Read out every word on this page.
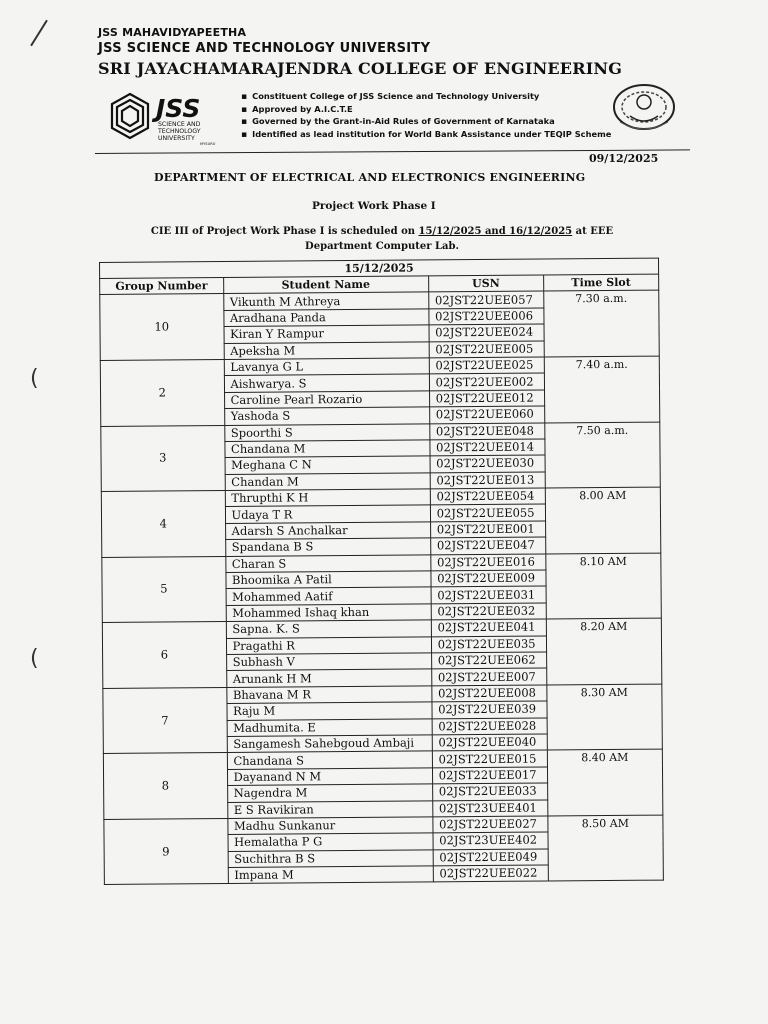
(
(
JSS MAHAVIDYAPEETHA
JSS SCIENCE AND TECHNOLOGY UNIVERSITY
SRI JAYACHAMARAJENDRA COLLEGE OF ENGINEERING
JSS
SCIENCE AND
TECHNOLOGY
UNIVERSITY
MYSURU
▪ Constituent College of JSS Science and Technology University
▪ Approved by A.I.C.T.E
▪ Governed by the Grant-in-Aid Rules of Government of Karnataka
▪ Identified as lead institution for World Bank Assistance under TEQIP Scheme
09/12/2025
DEPARTMENT OF ELECTRICAL AND ELECTRONICS ENGINEERING
Project Work Phase I
CIE III of Project Work Phase I is scheduled on 15/12/2025 and 16/12/2025 at EEE Department Computer Lab.
15/12/2025			
Group Number	Student Name	USN	Time Slot
10	Vikunth M Athreya	02JST22UEE057	7.30 a.m.
	Aradhana Panda	02JST22UEE006	
	Kiran Y Rampur	02JST22UEE024	
	Apeksha M	02JST22UEE005	
2	Lavanya G L	02JST22UEE025	7.40 a.m.
	Aishwarya. S	02JST22UEE002	
	Caroline Pearl Rozario	02JST22UEE012	
	Yashoda S	02JST22UEE060	
3	Spoorthi S	02JST22UEE048	7.50 a.m.
	Chandana M	02JST22UEE014	
	Meghana C N	02JST22UEE030	
	Chandan M	02JST22UEE013	
4	Thrupthi K H	02JST22UEE054	8.00 AM
	Udaya T R	02JST22UEE055	
	Adarsh S Anchalkar	02JST22UEE001	
	Spandana B S	02JST22UEE047	
5	Charan S	02JST22UEE016	8.10 AM
	Bhoomika A Patil	02JST22UEE009	
	Mohammed Aatif	02JST22UEE031	
	Mohammed Ishaq khan	02JST22UEE032	
6	Sapna. K. S	02JST22UEE041	8.20 AM
	Pragathi R	02JST22UEE035	
	Subhash V	02JST22UEE062	
	Arunank H M	02JST22UEE007	
7	Bhavana M R	02JST22UEE008	8.30 AM
	Raju M	02JST22UEE039	
	Madhumita. E	02JST22UEE028	
	Sangamesh Sahebgoud Ambaji	02JST22UEE040	
8	Chandana S	02JST22UEE015	8.40 AM
	Dayanand N M	02JST22UEE017	
	Nagendra M	02JST22UEE033	
	E S Ravikiran	02JST23UEE401	
9	Madhu Sunkanur	02JST22UEE027	8.50 AM
	Hemalatha P G	02JST23UEE402	
	Suchithra B S	02JST22UEE049	
	Impana M	02JST22UEE022	
